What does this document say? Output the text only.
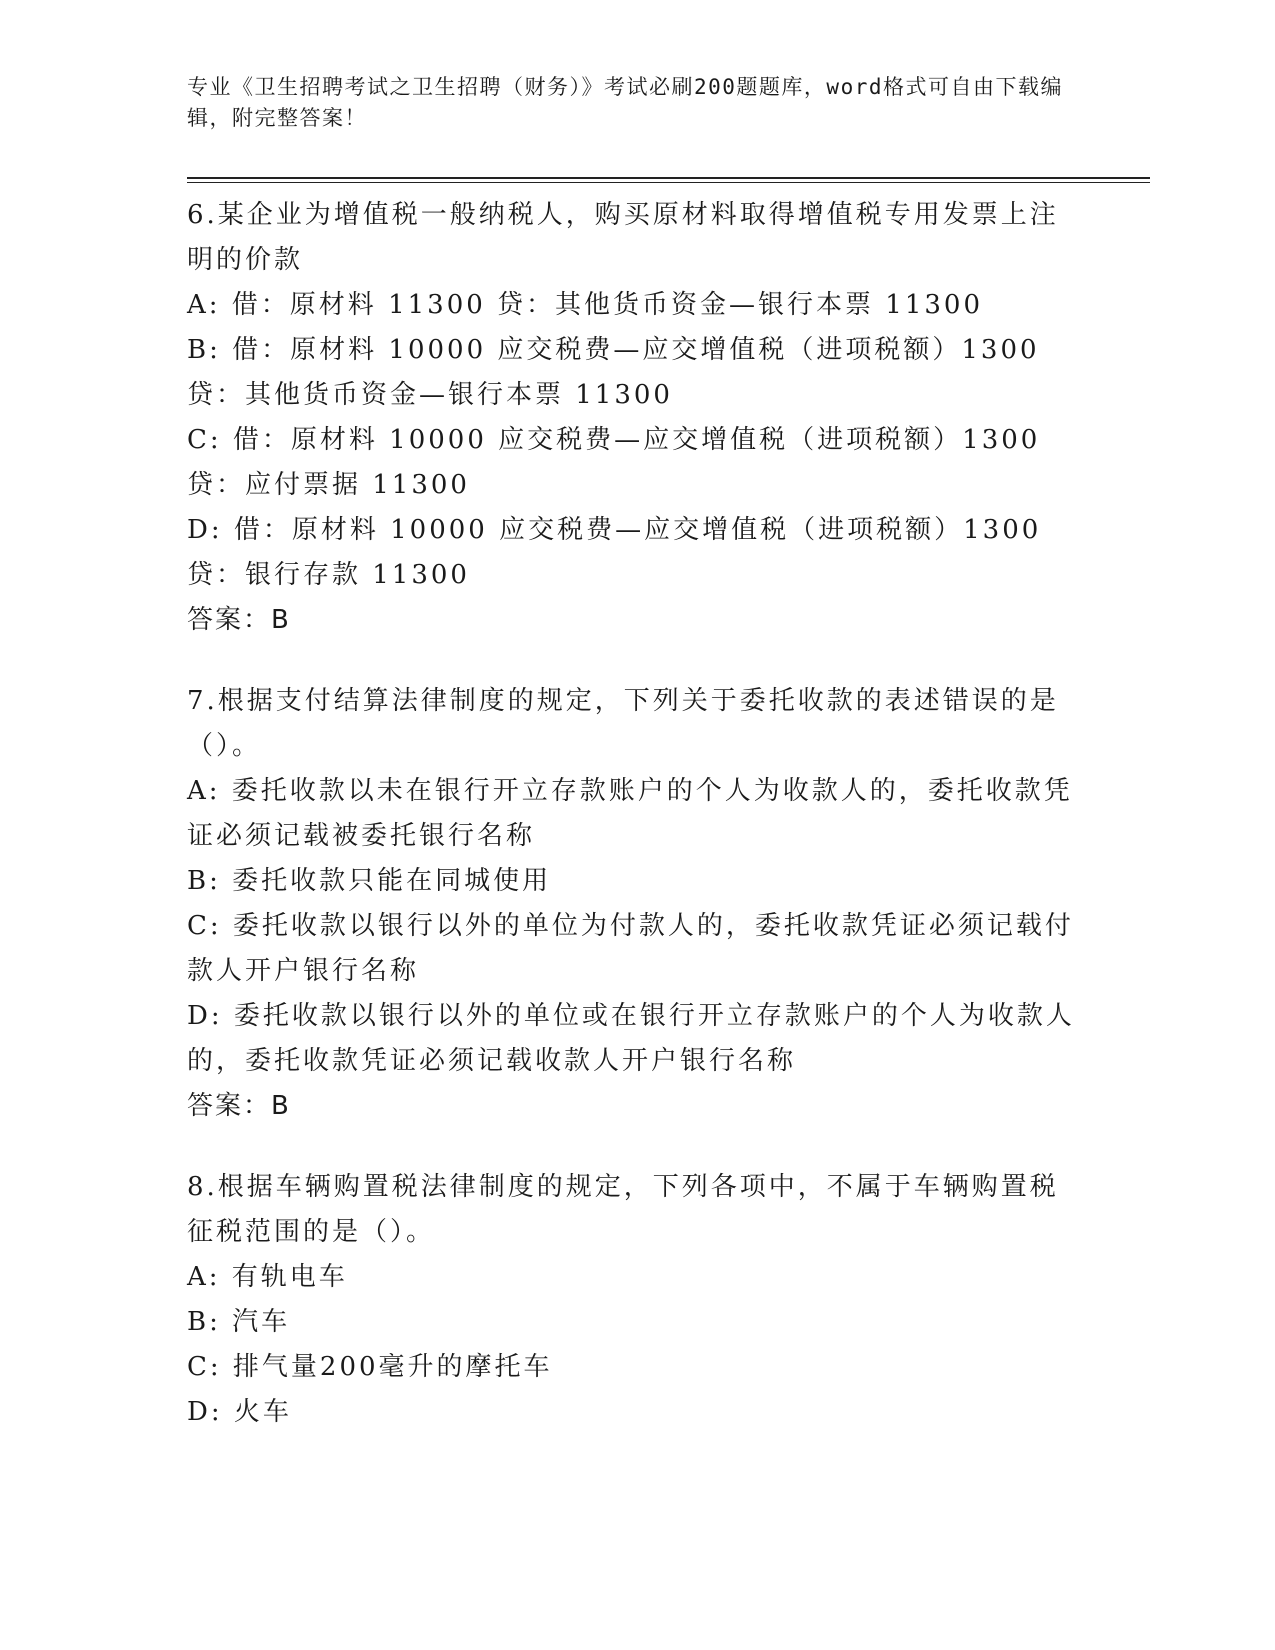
专业《卫生招聘考试之卫生招聘（财务）》考试必刷200题题库，word格式可自由下载编辑，附完整答案！

6.某企业为增值税一般纳税人，购买原材料取得增值税专用发票上注明的价款

A: 借：原材料 11300 贷：其他货币资金—银行本票 11300

B: 借：原材料 10000 应交税费—应交增值税（进项税额）1300 贷：其他货币资金—银行本票 11300

C: 借：原材料 10000 应交税费—应交增值税（进项税额）1300 贷：应付票据 11300

D: 借：原材料 10000 应交税费—应交增值税（进项税额）1300 贷：银行存款 11300

答案：B

7.根据支付结算法律制度的规定，下列关于委托收款的表述错误的是（）。

A: 委托收款以未在银行开立存款账户的个人为收款人的，委托收款凭证必须记载被委托银行名称

B: 委托收款只能在同城使用

C: 委托收款以银行以外的单位为付款人的，委托收款凭证必须记载付款人开户银行名称

D: 委托收款以银行以外的单位或在银行开立存款账户的个人为收款人的，委托收款凭证必须记载收款人开户银行名称

答案：B

8.根据车辆购置税法律制度的规定，下列各项中，不属于车辆购置税征税范围的是（）。

A: 有轨电车

B: 汽车

C: 排气量200毫升的摩托车

D: 火车
